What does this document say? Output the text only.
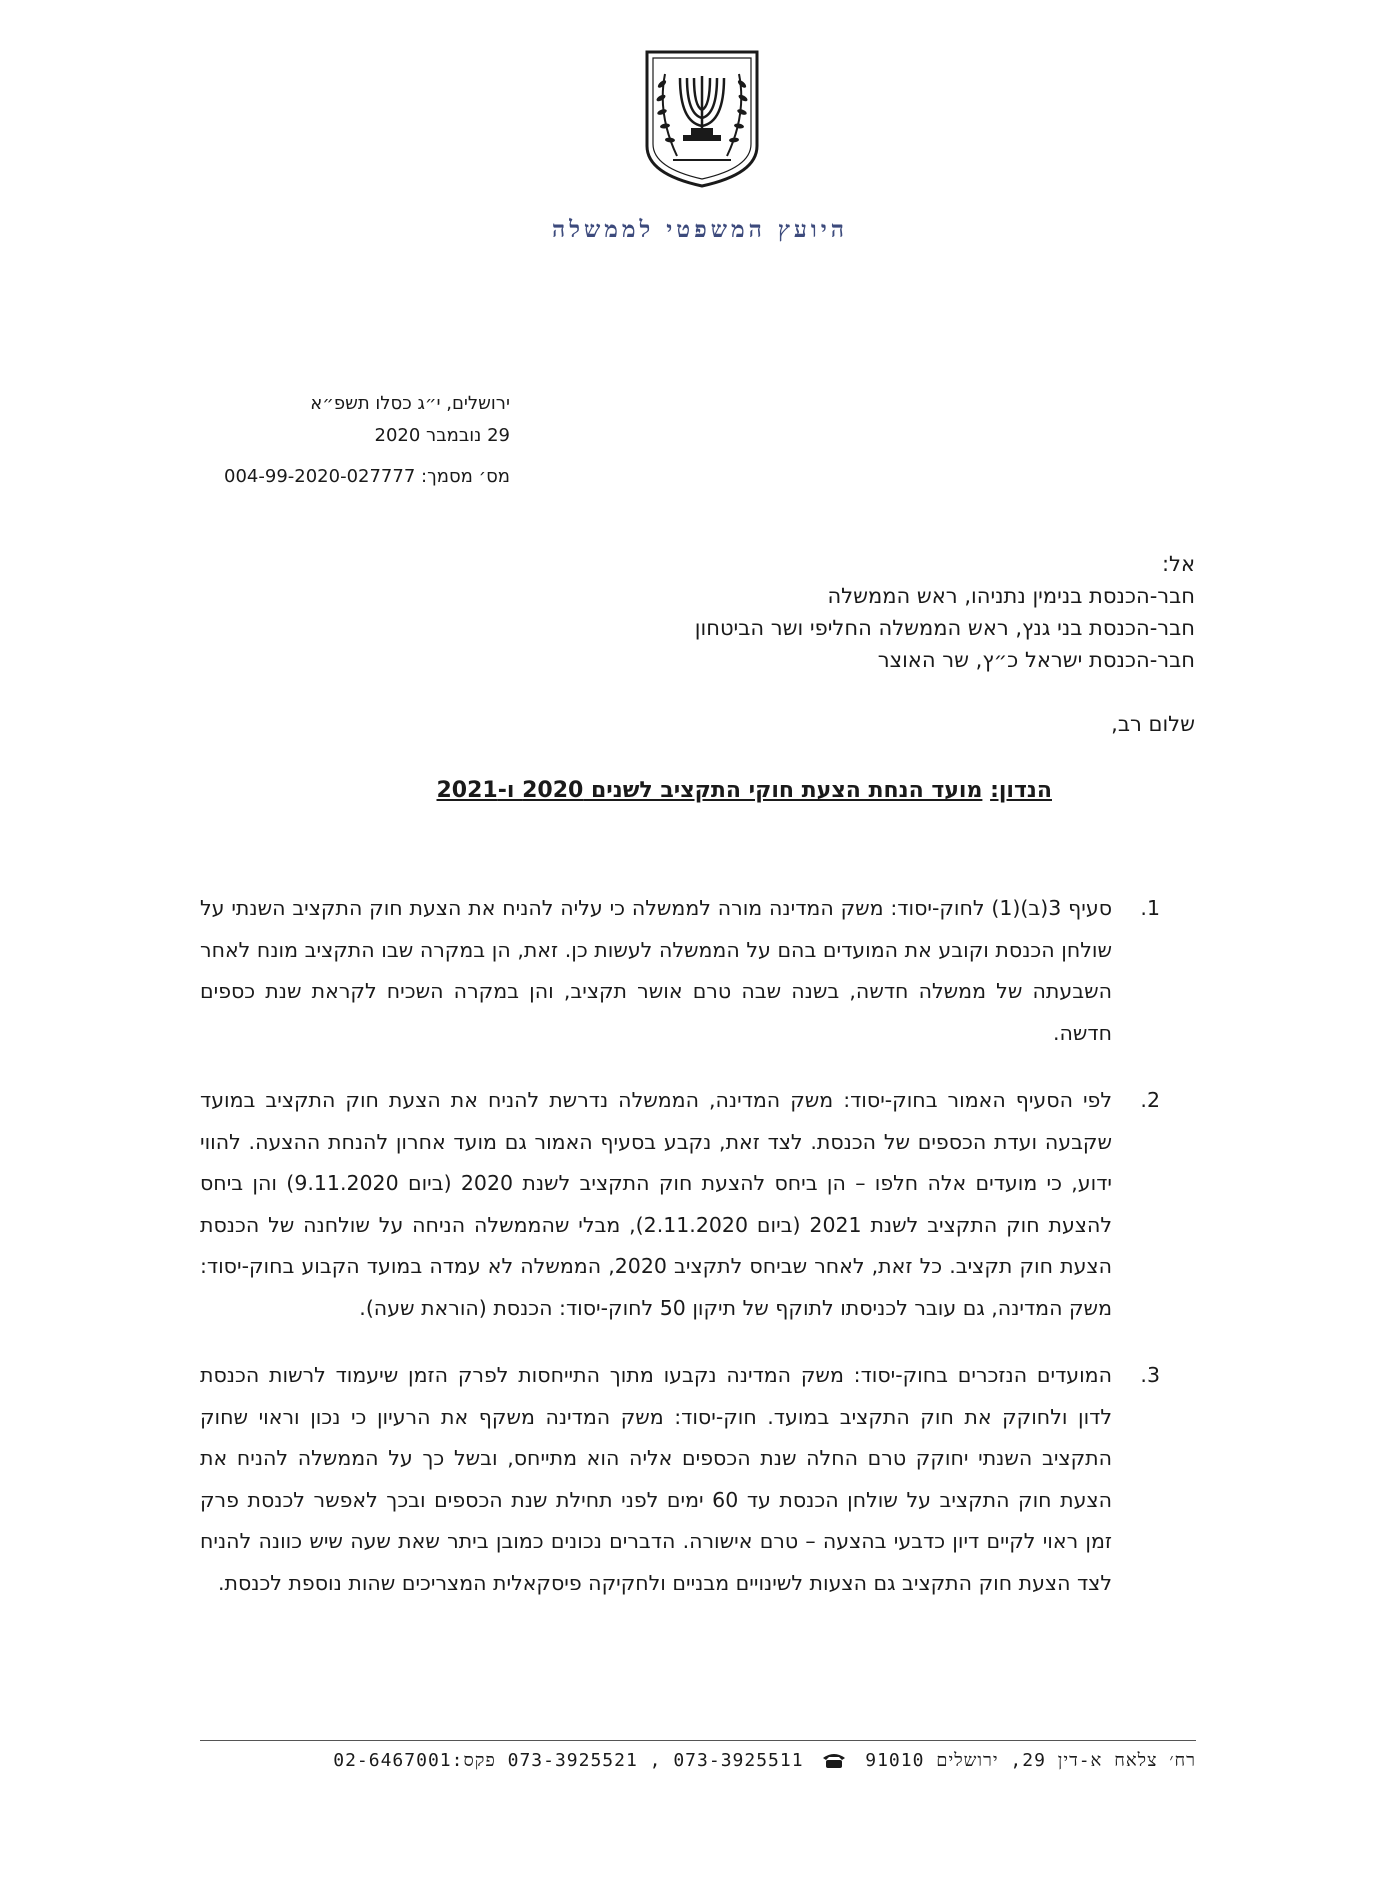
היועץ המשפטי לממשלה
ירושלים, י״ג כסלו תשפ״א
29 נובמבר 2020
מס׳ מסמך: 004-99-2020-027777
אל:
חבר-הכנסת בנימין נתניהו, ראש הממשלה
חבר-הכנסת בני גנץ, ראש הממשלה החליפי ושר הביטחון
חבר-הכנסת ישראל כ״ץ, שר האוצר
שלום רב,
הנדון: מועד הנחת הצעת חוקי התקציב לשנים 2020 ו-2021
1.
סעיף 3(ב)(1) לחוק-יסוד: משק המדינה מורה לממשלה כי עליה להניח את הצעת חוק התקציב השנתי על שולחן הכנסת וקובע את המועדים בהם על הממשלה לעשות כן. זאת, הן במקרה שבו התקציב מונח לאחר השבעתה של ממשלה חדשה, בשנה שבה טרם אושר תקציב, והן במקרה השכיח לקראת שנת כספים חדשה.
2.
לפי הסעיף האמור בחוק-יסוד: משק המדינה, הממשלה נדרשת להניח את הצעת חוק התקציב במועד שקבעה ועדת הכספים של הכנסת. לצד זאת, נקבע בסעיף האמור גם מועד אחרון להנחת ההצעה. להווי ידוע, כי מועדים אלה חלפו – הן ביחס להצעת חוק התקציב לשנת 2020 (ביום 9.11.2020) והן ביחס להצעת חוק התקציב לשנת 2021 (ביום 2.11.2020), מבלי שהממשלה הניחה על שולחנה של הכנסת הצעת חוק תקציב. כל זאת, לאחר שביחס לתקציב 2020, הממשלה לא עמדה במועד הקבוע בחוק-יסוד: משק המדינה, גם עובר לכניסתו לתוקף של תיקון 50 לחוק-יסוד: הכנסת (הוראת שעה).
3.
המועדים הנזכרים בחוק-יסוד: משק המדינה נקבעו מתוך התייחסות לפרק הזמן שיעמוד לרשות הכנסת לדון ולחוקק את חוק התקציב במועד. חוק-יסוד: משק המדינה משקף את הרעיון כי נכון וראוי שחוק התקציב השנתי יחוקק טרם החלה שנת הכספים אליה הוא מתייחס, ובשל כך על הממשלה להניח את הצעת חוק התקציב על שולחן הכנסת עד 60 ימים לפני תחילת שנת הכספים ובכך לאפשר לכנסת פרק זמן ראוי לקיים דיון כדבעי בהצעה – טרם אישורה. הדברים נכונים כמובן ביתר שאת שעה שיש כוונה להניח לצד הצעת חוק התקציב גם הצעות לשינויים מבניים ולחקיקה פיסקאלית המצריכים שהות נוספת לכנסת.
רח׳ צלאח א-דין 29, ירושלים 91010  073-3925511 , 073-3925521 פקס:02-6467001
